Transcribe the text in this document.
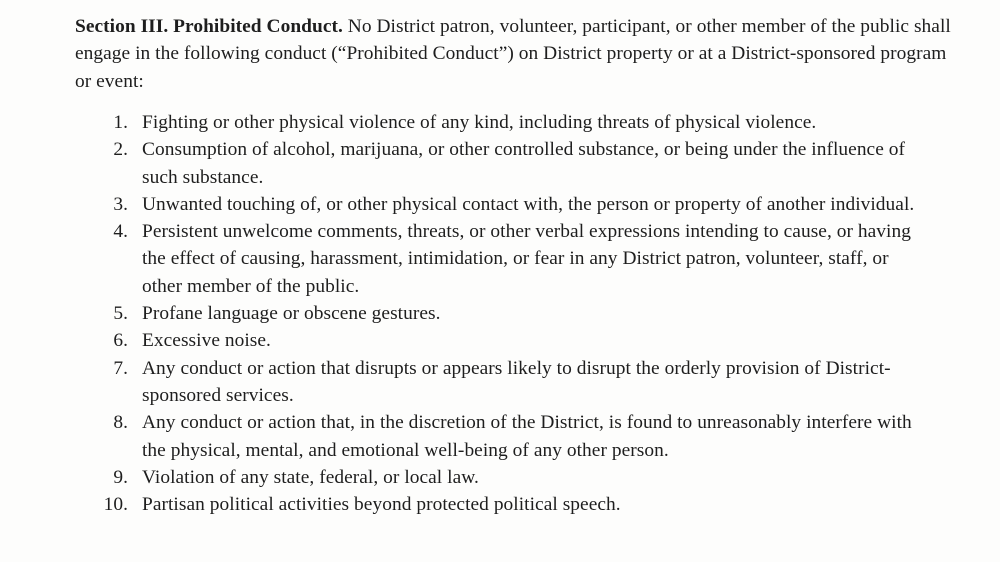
Section III. Prohibited Conduct. No District patron, volunteer, participant, or other member of the public shall engage in the following conduct (“Prohibited Conduct”) on District property or at a District-sponsored program or event:

1. Fighting or other physical violence of any kind, including threats of physical violence.
2. Consumption of alcohol, marijuana, or other controlled substance, or being under the influence of such substance.
3. Unwanted touching of, or other physical contact with, the person or property of another individual.
4. Persistent unwelcome comments, threats, or other verbal expressions intending to cause, or having the effect of causing, harassment, intimidation, or fear in any District patron, volunteer, staff, or other member of the public.
5. Profane language or obscene gestures.
6. Excessive noise.
7. Any conduct or action that disrupts or appears likely to disrupt the orderly provision of District-sponsored services.
8. Any conduct or action that, in the discretion of the District, is found to unreasonably interfere with the physical, mental, and emotional well-being of any other person.
9. Violation of any state, federal, or local law.
10. Partisan political activities beyond protected political speech.
